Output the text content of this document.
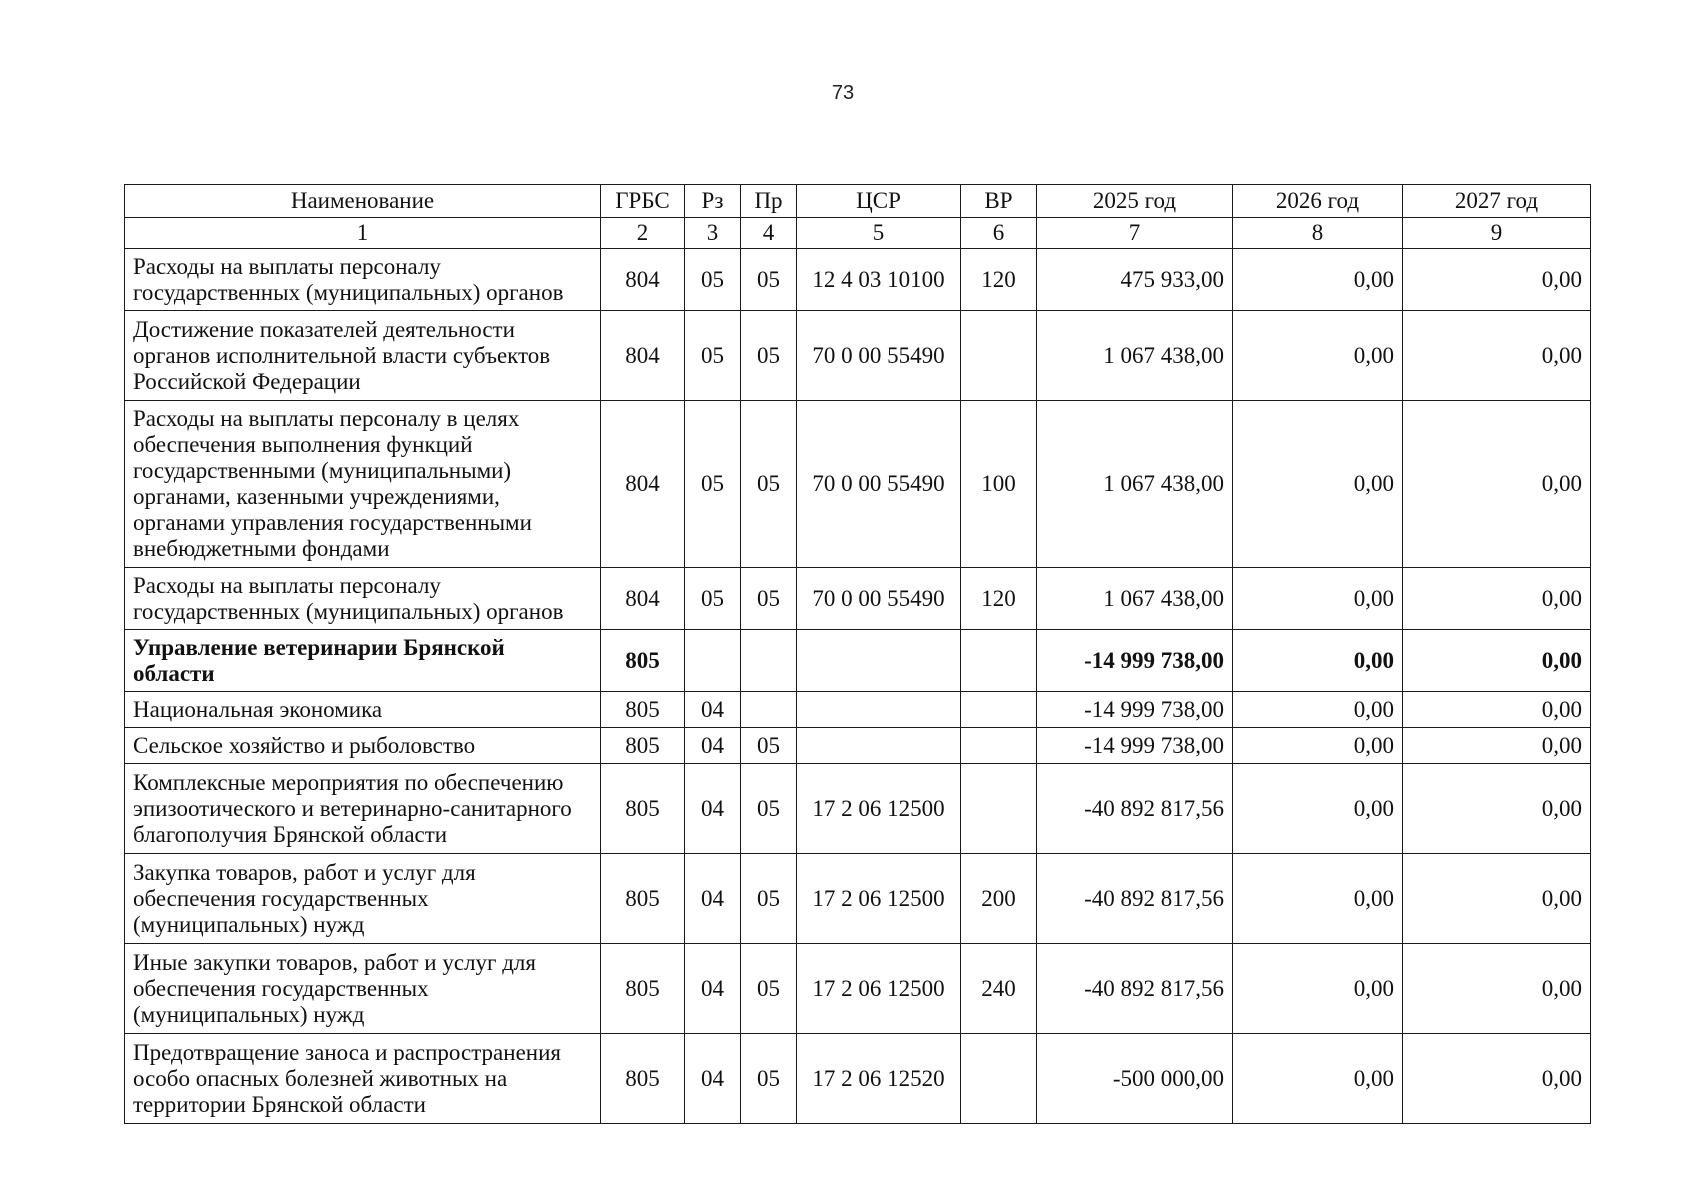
73
Наименование	ГРБС	Рз	Пр	ЦСР	ВР	2025 год	2026 год	2027 год
1	2	3	4	5	6	7	8	9
Расходы на выплаты персоналу государственных (муниципальных) органов	804	05	05	12 4 03 10100	120	475 933,00	0,00	0,00
Достижение показателей деятельности органов исполнительной власти субъектов Российской Федерации	804	05	05	70 0 00 55490		1 067 438,00	0,00	0,00
Расходы на выплаты персоналу в целях обеспечения выполнения функций государственными (муниципальными) органами, казенными учреждениями, органами управления государственными внебюджетными фондами	804	05	05	70 0 00 55490	100	1 067 438,00	0,00	0,00
Расходы на выплаты персоналу государственных (муниципальных) органов	804	05	05	70 0 00 55490	120	1 067 438,00	0,00	0,00
Управление ветеринарии Брянской области	805					-14 999 738,00	0,00	0,00
Национальная экономика	805	04				-14 999 738,00	0,00	0,00
Сельское хозяйство и рыболовство	805	04	05			-14 999 738,00	0,00	0,00
Комплексные мероприятия по обеспечению эпизоотического и ветеринарно-санитарного благополучия Брянской области	805	04	05	17 2 06 12500		-40 892 817,56	0,00	0,00
Закупка товаров, работ и услуг для обеспечения государственных (муниципальных) нужд	805	04	05	17 2 06 12500	200	-40 892 817,56	0,00	0,00
Иные закупки товаров, работ и услуг для обеспечения государственных (муниципальных) нужд	805	04	05	17 2 06 12500	240	-40 892 817,56	0,00	0,00
Предотвращение заноса и распространения особо опасных болезней животных на территории Брянской области	805	04	05	17 2 06 12520		-500 000,00	0,00	0,00
